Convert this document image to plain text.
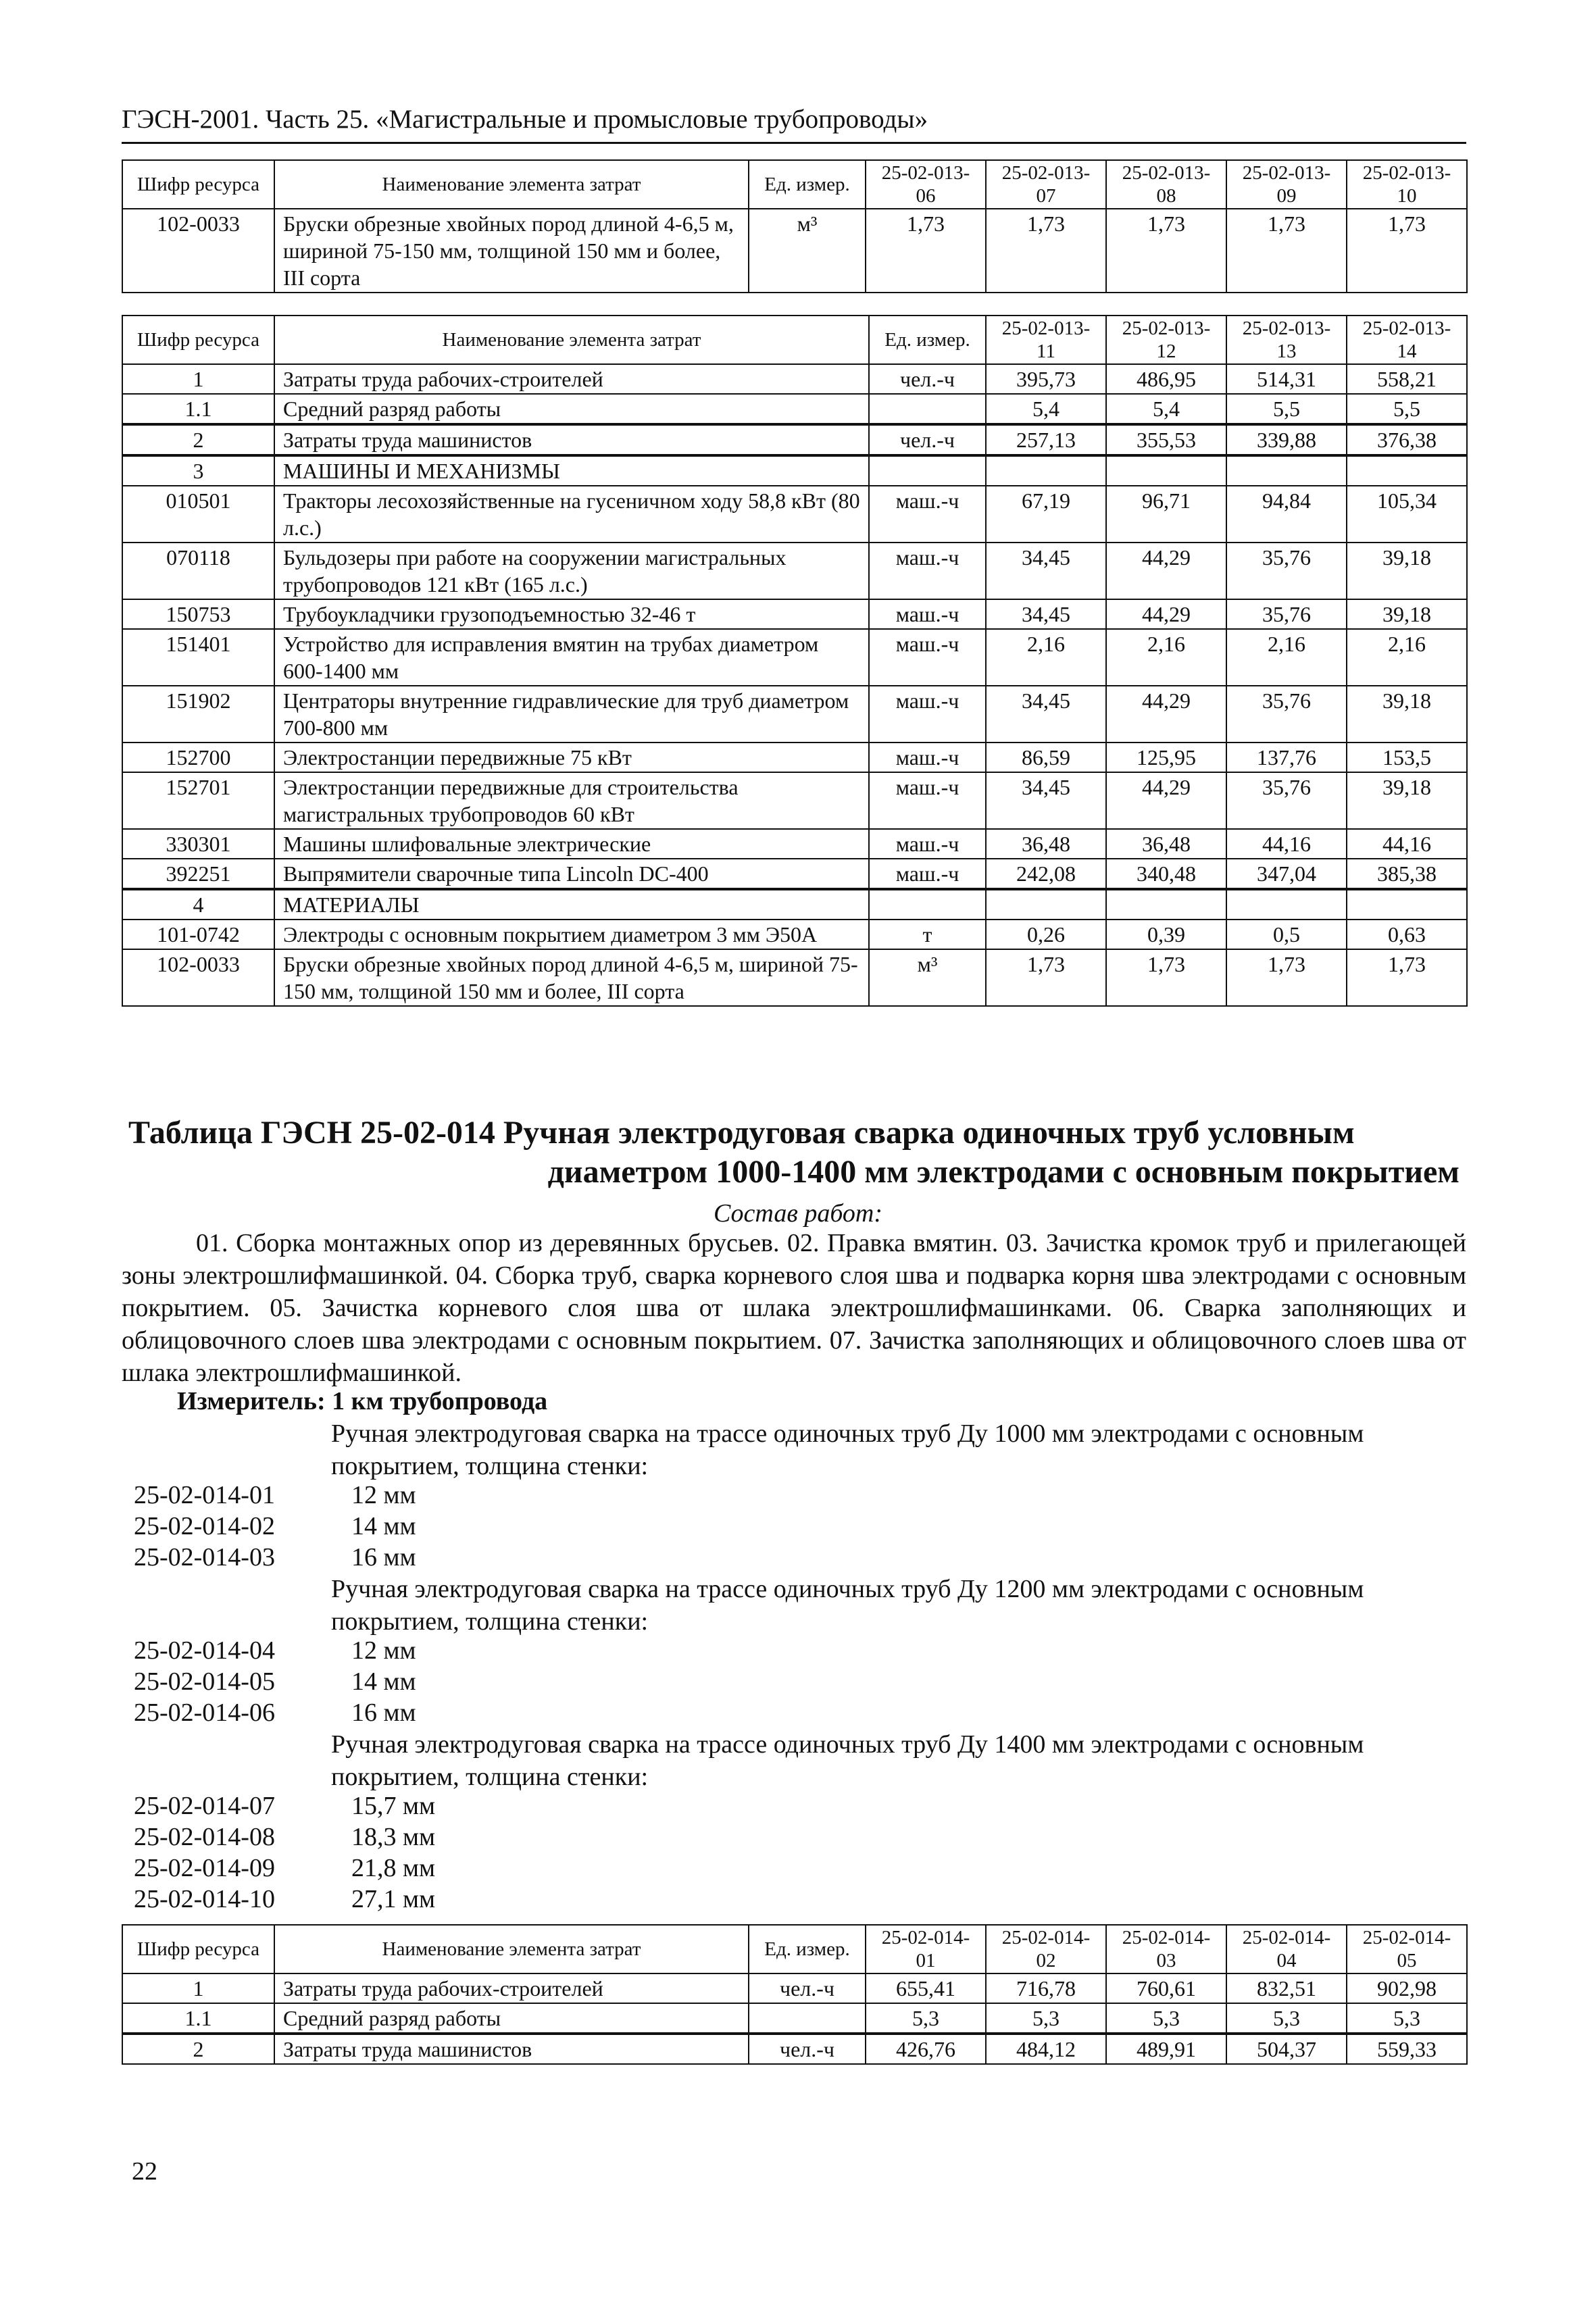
ГЭСН-2001. Часть 25. «Магистральные и промысловые трубопроводы»
Шифр ресурса	Наименование элемента затрат	Ед. измер.	25-02-013-06	25-02-013-07	25-02-013-08	25-02-013-09	25-02-013-10
102-0033	Бруски обрезные хвойных пород длиной 4-6,5 м, шириной 75-150 мм, толщиной 150 мм и более, III сорта	м³	1,73	1,73	1,73	1,73	1,73
Шифр ресурса	Наименование элемента затрат	Ед. измер.	25-02-013-11	25-02-013-12	25-02-013-13	25-02-013-14
1	Затраты труда рабочих-строителей	чел.-ч	395,73	486,95	514,31	558,21
1.1	Средний разряд работы		5,4	5,4	5,5	5,5
2	Затраты труда машинистов	чел.-ч	257,13	355,53	339,88	376,38
3	МАШИНЫ И МЕХАНИЗМЫ					
010501	Тракторы лесохозяйственные на гусеничном ходу 58,8 кВт (80 л.с.)	маш.-ч	67,19	96,71	94,84	105,34
070118	Бульдозеры при работе на сооружении магистральных трубопроводов 121 кВт (165 л.с.)	маш.-ч	34,45	44,29	35,76	39,18
150753	Трубоукладчики грузоподъемностью 32-46 т	маш.-ч	34,45	44,29	35,76	39,18
151401	Устройство для исправления вмятин на трубах диаметром 600-1400 мм	маш.-ч	2,16	2,16	2,16	2,16
151902	Центраторы внутренние гидравлические для труб диаметром 700-800 мм	маш.-ч	34,45	44,29	35,76	39,18
152700	Электростанции передвижные 75 кВт	маш.-ч	86,59	125,95	137,76	153,5
152701	Электростанции передвижные для строительства магистральных трубопроводов 60 кВт	маш.-ч	34,45	44,29	35,76	39,18
330301	Машины шлифовальные электрические	маш.-ч	36,48	36,48	44,16	44,16
392251	Выпрямители сварочные типа Lincoln DC-400	маш.-ч	242,08	340,48	347,04	385,38
4	МАТЕРИАЛЫ					
101-0742	Электроды с основным покрытием диаметром 3 мм Э50А	т	0,26	0,39	0,5	0,63
102-0033	Бруски обрезные хвойных пород длиной 4-6,5 м, шириной 75-150 мм, толщиной 150 мм и более, III сорта	м³	1,73	1,73	1,73	1,73
Таблица ГЭСН 25-02-014 Ручная электродуговая сварка одиночных труб условным
диаметром 1000-1400 мм электродами с основным покрытием
Состав работ:
01. Сборка монтажных опор из деревянных брусьев. 02. Правка вмятин. 03. Зачистка кромок труб и прилегающей зоны электрошлифмашинкой. 04. Сборка труб, сварка корневого слоя шва и подварка корня шва электродами с основным покрытием. 05. Зачистка корневого слоя шва от шлака электрошлифмашинками. 06. Сварка заполняющих и облицовочного слоев шва электродами с основным покрытием. 07. Зачистка заполняющих и облицовочного слоев шва от шлака электрошлифмашинкой.
Измеритель: 1 км трубопровода
Ручная электродуговая сварка на трассе одиночных труб Ду 1000 мм электродами с основным покрытием, толщина стенки:
25-02-014-01	12 мм
25-02-014-02	14 мм
25-02-014-03	16 мм
Ручная электродуговая сварка на трассе одиночных труб Ду 1200 мм электродами с основным покрытием, толщина стенки:
25-02-014-04	12 мм
25-02-014-05	14 мм
25-02-014-06	16 мм
Ручная электродуговая сварка на трассе одиночных труб Ду 1400 мм электродами с основным покрытием, толщина стенки:
25-02-014-07	15,7 мм
25-02-014-08	18,3 мм
25-02-014-09	21,8 мм
25-02-014-10	27,1 мм
Шифр ресурса	Наименование элемента затрат	Ед. измер.	25-02-014-01	25-02-014-02	25-02-014-03	25-02-014-04	25-02-014-05
1	Затраты труда рабочих-строителей	чел.-ч	655,41	716,78	760,61	832,51	902,98
1.1	Средний разряд работы		5,3	5,3	5,3	5,3	5,3
2	Затраты труда машинистов	чел.-ч	426,76	484,12	489,91	504,37	559,33
22
